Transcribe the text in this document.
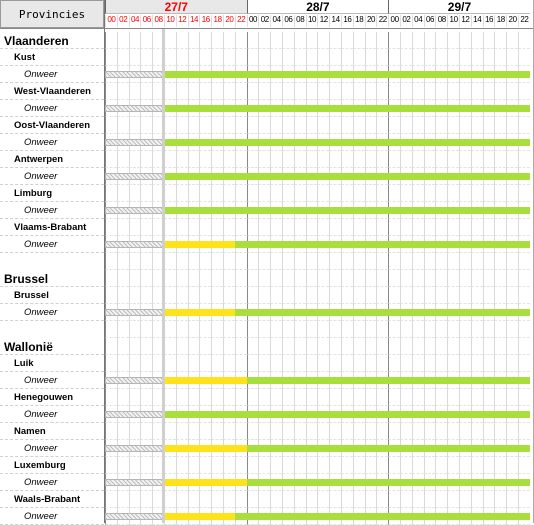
Provincies	27/7
00 02 04 06 08 10 12 14 16 18 20 22
28/7
00 02 04 06 08 10 12 14 16 18 20 22
29/7
00 02 04 06 08 10 12 14 16 18 20 22
Vlaanderen
Kust
Onweer
West-Vlaanderen
Onweer
Oost-Vlaanderen
Onweer
Antwerpen
Onweer
Limburg
Onweer
Vlaams-Brabant
Onweer
Brussel
Brussel
Onweer
Wallonië
Luik
Onweer
Henegouwen
Onweer
Namen
Onweer
Luxemburg
Onweer
Waals-Brabant
Onweer
